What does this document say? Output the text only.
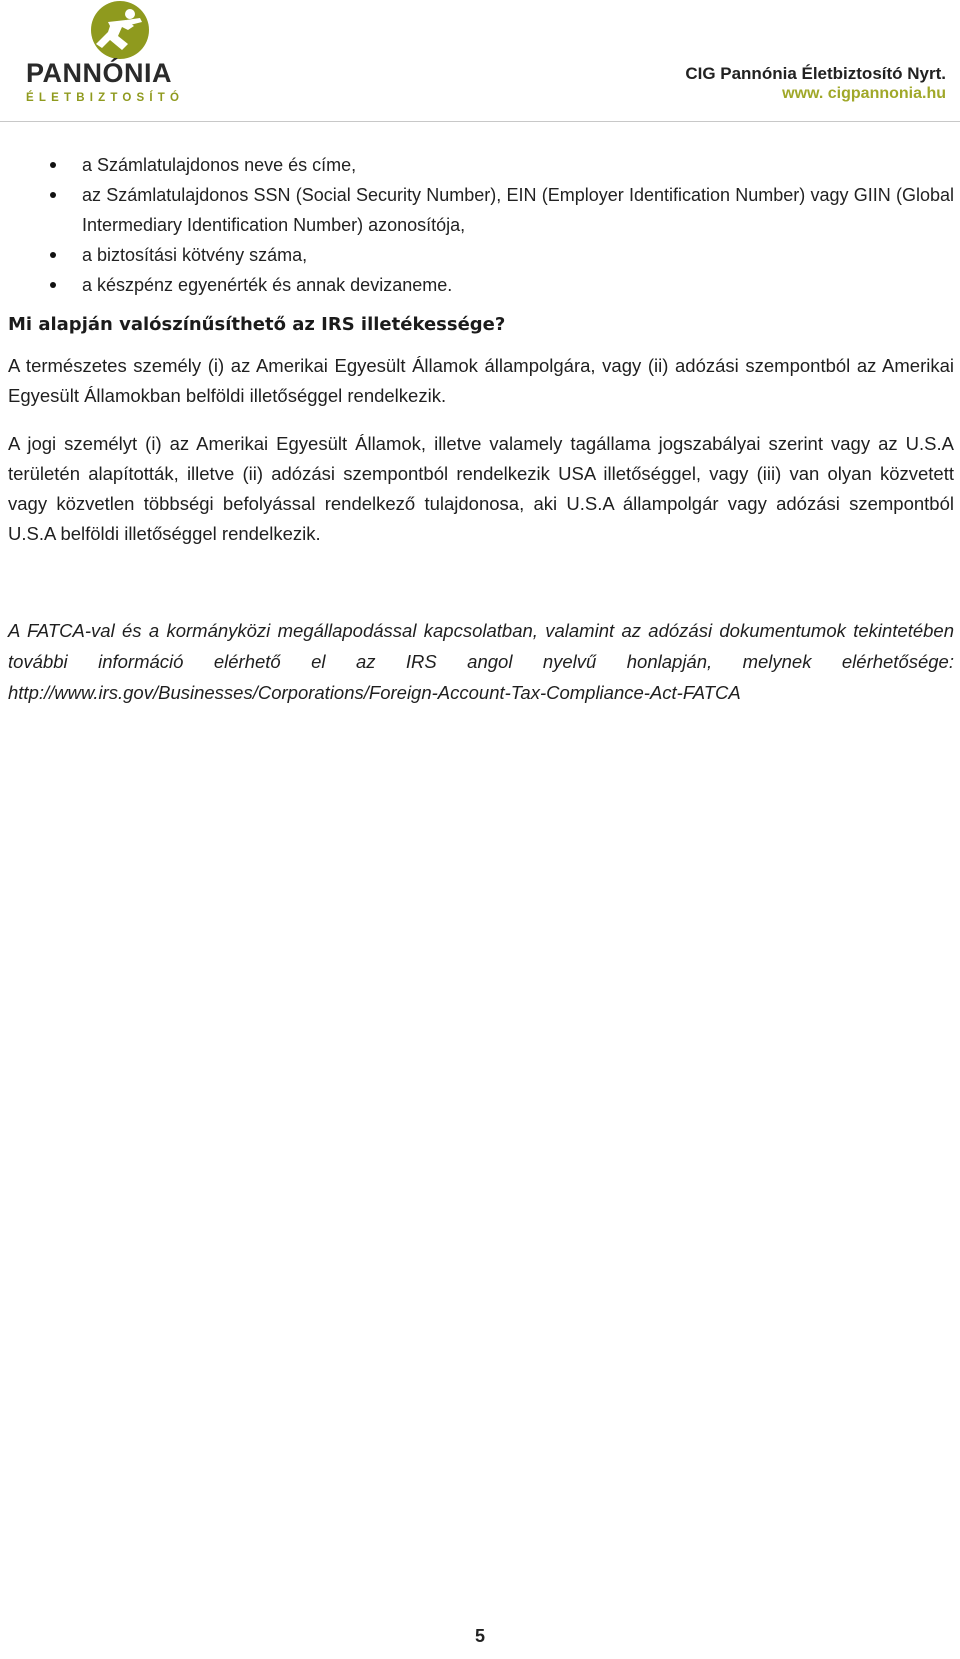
PANNÓNIA
ÉLETBIZTOSÍTÓ
CIG Pannónia Életbiztosító Nyrt.
www. cigpannonia.hu
a Számlatulajdonos neve és címe,
az Számlatulajdonos SSN (Social Security Number), EIN (Employer Identification Number) vagy GIIN (Global Intermediary Identification Number) azonosítója,
a biztosítási kötvény száma,
a készpénz egyenérték és annak devizaneme.
Mi alapján valószínűsíthető az IRS illetékessége?
A természetes személy (i) az Amerikai Egyesült Államok állampolgára, vagy (ii) adózási szempontból az Amerikai Egyesült Államokban belföldi illetőséggel rendelkezik.
A jogi személyt (i) az Amerikai Egyesült Államok, illetve valamely tagállama jogszabályai szerint vagy az U.S.A területén alapították, illetve (ii) adózási szempontból rendelkezik USA illetőséggel, vagy (iii) van olyan közvetett vagy közvetlen többségi befolyással rendelkező tulajdonosa, aki U.S.A állampolgár vagy adózási szempontból U.S.A belföldi illetőséggel rendelkezik.
A FATCA-val és a kormányközi megállapodással kapcsolatban, valamint az adózási dokumentumok tekintetében további információ elérhető el az IRS angol nyelvű honlapján, melynek elérhetősége: http://www.irs.gov/Businesses/Corporations/Foreign-Account-Tax-Compliance-Act-FATCA
5
